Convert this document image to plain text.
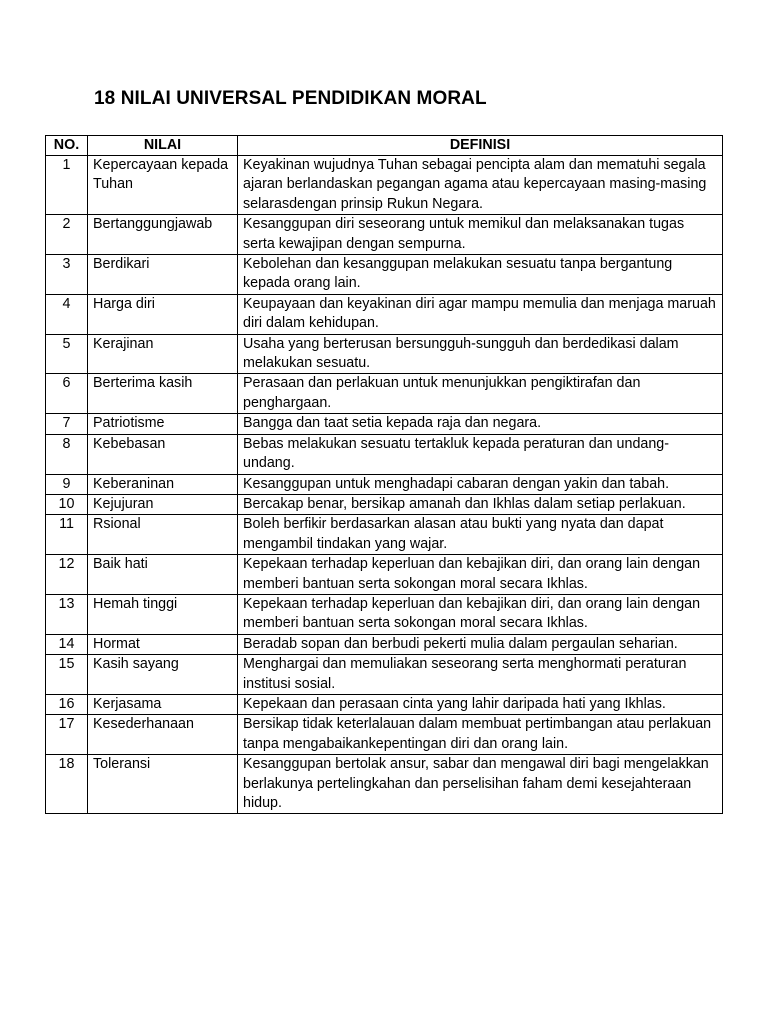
18 NILAI UNIVERSAL PENDIDIKAN MORAL
NO.	NILAI	DEFINISI
1	Kepercayaan kepada Tuhan	Keyakinan wujudnya Tuhan sebagai pencipta alam dan mematuhi segala ajaran berlandaskan pegangan agama atau kepercayaan masing-masing selarasdengan prinsip Rukun Negara.
2	Bertanggungjawab	Kesanggupan diri seseorang untuk memikul dan melaksanakan tugas serta kewajipan dengan sempurna.
3	Berdikari	Kebolehan dan kesanggupan melakukan sesuatu tanpa bergantung kepada orang lain.
4	Harga diri	Keupayaan dan keyakinan diri agar mampu memulia dan menjaga maruah diri dalam kehidupan.
5	Kerajinan	Usaha yang berterusan bersungguh-sungguh dan berdedikasi dalam melakukan sesuatu.
6	Berterima kasih	Perasaan dan perlakuan untuk menunjukkan pengiktirafan dan penghargaan.
7	Patriotisme	Bangga dan taat setia kepada raja dan negara.
8	Kebebasan	Bebas melakukan sesuatu tertakluk kepada peraturan dan undang-undang.
9	Keberaninan	Kesanggupan untuk menghadapi cabaran dengan yakin dan tabah.
10	Kejujuran	Bercakap benar, bersikap amanah dan Ikhlas dalam setiap perlakuan.
11	Rsional	Boleh berfikir berdasarkan alasan atau bukti yang nyata dan dapat mengambil tindakan yang wajar.
12	Baik hati	Kepekaan terhadap keperluan dan kebajikan diri, dan orang lain dengan memberi bantuan serta sokongan moral secara Ikhlas.
13	Hemah tinggi	Kepekaan terhadap keperluan dan kebajikan diri, dan orang lain dengan memberi bantuan serta sokongan moral secara Ikhlas.
14	Hormat	Beradab sopan dan berbudi pekerti mulia dalam pergaulan seharian.
15	Kasih sayang	Menghargai dan memuliakan seseorang serta menghormati peraturan institusi sosial.
16	Kerjasama	Kepekaan dan perasaan cinta yang lahir daripada hati yang Ikhlas.
17	Kesederhanaan	Bersikap tidak keterlalauan dalam membuat pertimbangan atau perlakuan tanpa mengabaikankepentingan diri dan orang lain.
18	Toleransi	Kesanggupan bertolak ansur, sabar dan mengawal diri bagi mengelakkan berlakunya pertelingkahan dan perselisihan faham demi kesejahteraan hidup.
